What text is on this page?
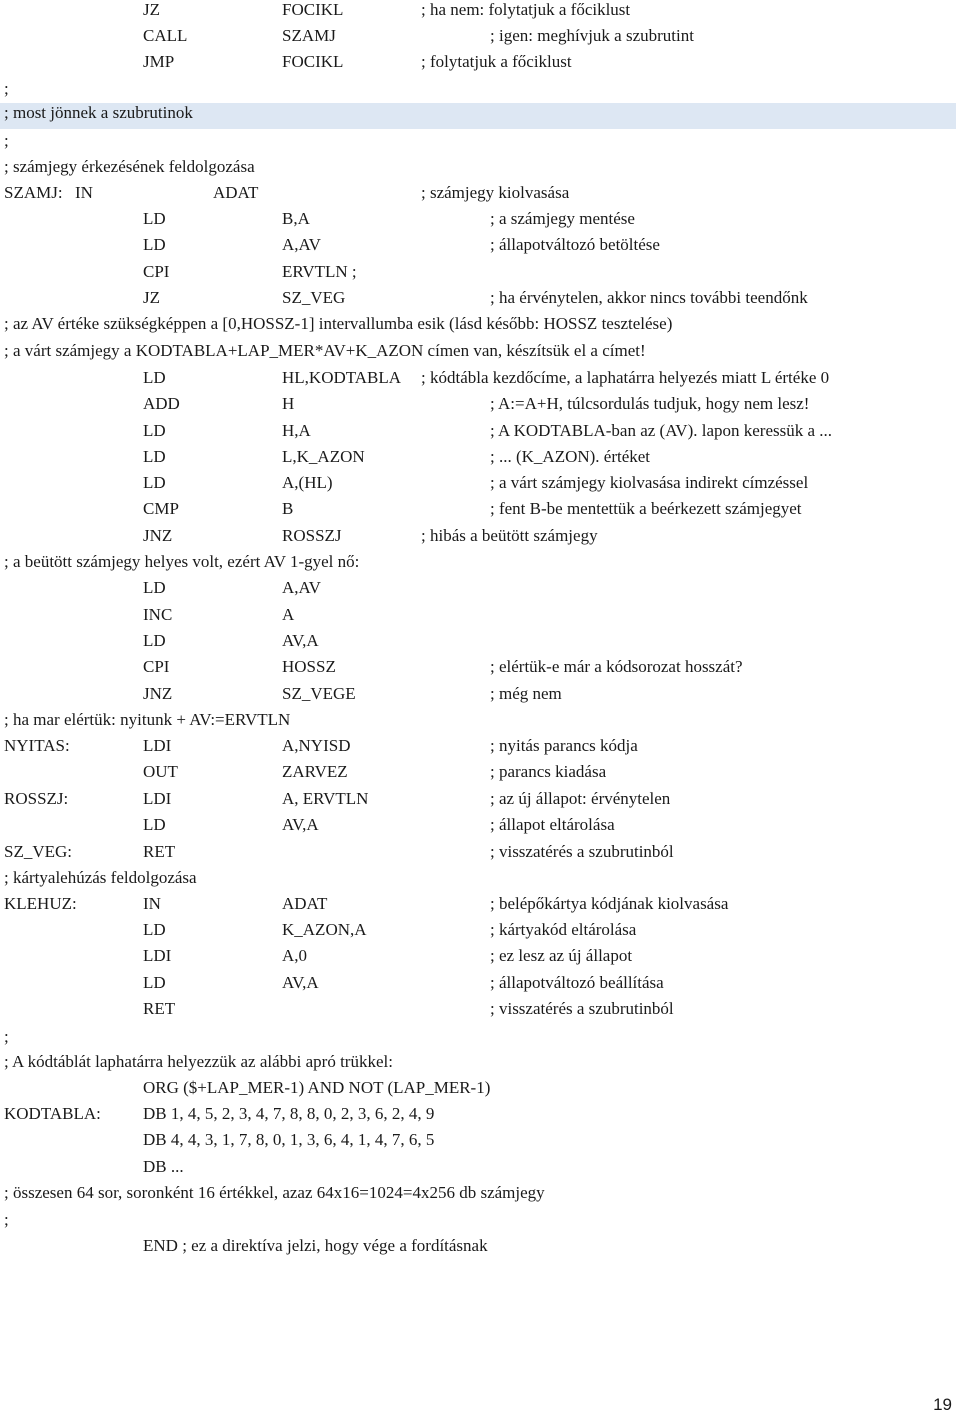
JZ	FOCIKL	; ha nem: folytatjuk a főciklust
CALL	SZAMJ	; igen: meghívjuk a szubrutint
JMP	FOCIKL	; folytatjuk a főciklust
;
; most jönnek a szubrutinok
;
; számjegy érkezésének feldolgozása
SZAMJ: IN	ADAT	; számjegy kiolvasása
LD	B,A	; a számjegy mentése
LD	A,AV	; állapotváltozó betöltése
CPI	ERVTLN ;
JZ	SZ_VEG	; ha érvénytelen, akkor nincs további teendőnk
; az AV értéke szükségképpen a [0,HOSSZ-1] intervallumba esik (lásd később: HOSSZ tesztelése)
; a várt számjegy a KODTABLA+LAP_MER*AV+K_AZON címen van, készítsük el a címet!
LD	HL,KODTABLA ; kódtábla kezdőcíme, a laphatárra helyezés miatt L értéke 0
ADD	H	; A:=A+H, túlcsordulás tudjuk, hogy nem lesz!
LD	H,A	; A KODTABLA-ban az (AV). lapon keressük a ...
LD	L,K_AZON	; ... (K_AZON). értéket
LD	A,(HL)	; a várt számjegy kiolvasása indirekt címzéssel
CMP	B	; fent B-be mentettük a beérkezett számjegyet
JNZ	ROSSZJ	; hibás a beütött számjegy
; a beütött számjegy helyes volt, ezért AV 1-gyel nő:
LD	A,AV
INC	A
LD	AV,A
CPI	HOSSZ	; elértük-e már a kódsorozat hosszát?
JNZ	SZ_VEGE	; még nem
; ha mar elértük: nyitunk + AV:=ERVTLN
NYITAS:	LDI	A,NYISD	; nyitás parancs kódja
OUT	ZARVEZ	; parancs kiadása
ROSSZJ:	LDI	A, ERVTLN	; az új állapot: érvénytelen
LD	AV,A	; állapot eltárolása
SZ_VEG:	RET	; visszatérés a szubrutinból
; kártyalehúzás feldolgozása
KLEHUZ:	IN	ADAT	; belépőkártya kódjának kiolvasása
LD	K_AZON,A	; kártyakód eltárolása
LDI	A,0	; ez lesz az új állapot
LD	AV,A	; állapotváltozó beállítása
RET	; visszatérés a szubrutinból
;
; A kódtáblát laphatárra helyezzük az alábbi apró trükkel:
ORG ($+LAP_MER-1) AND NOT (LAP_MER-1)
KODTABLA: DB 1, 4, 5, 2, 3, 4, 7, 8, 8, 0, 2, 3, 6, 2, 4, 9
DB 4, 4, 3, 1, 7, 8, 0, 1, 3, 6, 4, 1, 4, 7, 6, 5
DB ...
; összesen 64 sor, soronként 16 értékkel, azaz 64x16=1024=4x256 db számjegy
;
END ; ez a direktíva jelzi, hogy vége a fordításnak
19
